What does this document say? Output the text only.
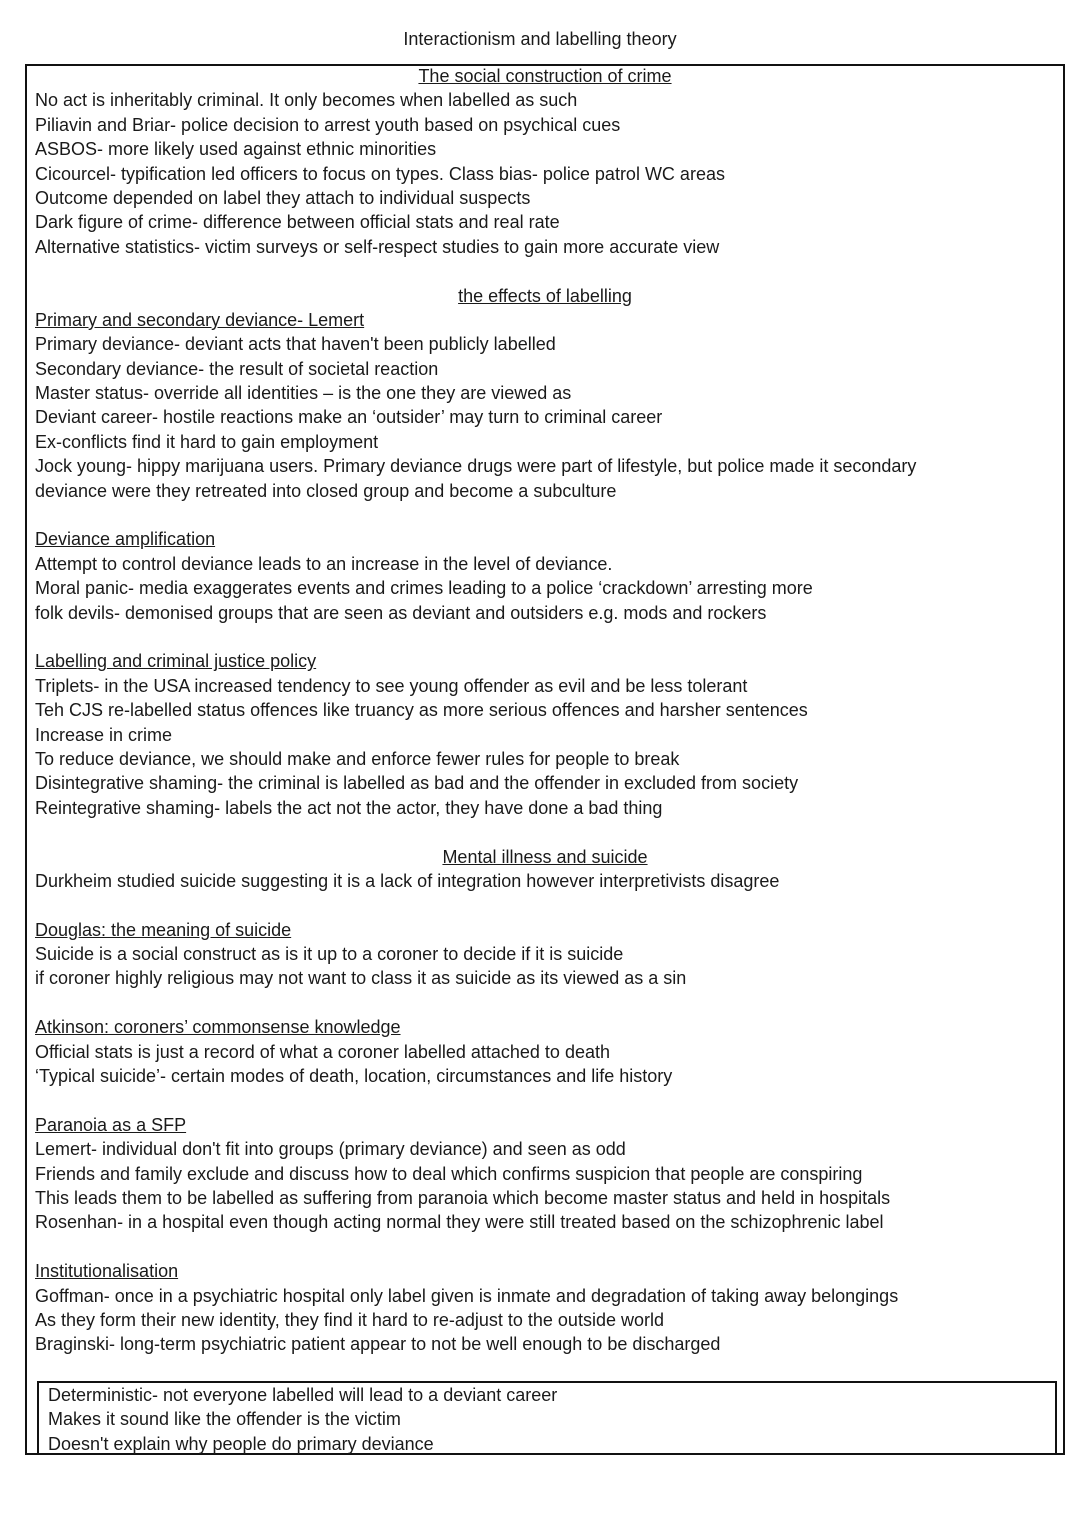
Interactionism and labelling theory
The social construction of crime
No act is inheritably criminal. It only becomes when labelled as such
Piliavin and Briar- police decision to arrest youth based on psychical cues
ASBOS- more likely used against ethnic minorities
Cicourcel- typification led officers to focus on types. Class bias- police patrol WC areas
Outcome depended on label they attach to individual suspects
Dark figure of crime- difference between official stats and real rate
Alternative statistics- victim surveys or self-respect studies to gain more accurate view
the effects of labelling
Primary and secondary deviance- Lemert
Primary deviance- deviant acts that haven't been publicly labelled
Secondary deviance- the result of societal reaction
Master status- override all identities – is the one they are viewed as
Deviant career- hostile reactions make an ‘outsider’ may turn to criminal career
Ex-conflicts find it hard to gain employment
Jock young- hippy marijuana users. Primary deviance drugs were part of lifestyle, but police made it secondary
deviance were they retreated into closed group and become a subculture
Deviance amplification
Attempt to control deviance leads to an increase in the level of deviance.
Moral panic- media exaggerates events and crimes leading to a police ‘crackdown’ arresting more
folk devils- demonised groups that are seen as deviant and outsiders e.g. mods and rockers
Labelling and criminal justice policy
Triplets- in the USA increased tendency to see young offender as evil and be less tolerant
Teh CJS re-labelled status offences like truancy as more serious offences and harsher sentences
Increase in crime
To reduce deviance, we should make and enforce fewer rules for people to break
Disintegrative shaming- the criminal is labelled as bad and the offender in excluded from society
Reintegrative shaming- labels the act not the actor, they have done a bad thing
Mental illness and suicide
Durkheim studied suicide suggesting it is a lack of integration however interpretivists disagree
Douglas: the meaning of suicide
Suicide is a social construct as is it up to a coroner to decide if it is suicide
if coroner highly religious may not want to class it as suicide as its viewed as a sin
Atkinson: coroners’ commonsense knowledge
Official stats is just a record of what a coroner labelled attached to death
‘Typical suicide’- certain modes of death, location, circumstances and life history
Paranoia as a SFP
Lemert- individual don't fit into groups (primary deviance) and seen as odd
Friends and family exclude and discuss how to deal which confirms suspicion that people are conspiring
This leads them to be labelled as suffering from paranoia which become master status and held in hospitals
Rosenhan- in a hospital even though acting normal they were still treated based on the schizophrenic label
Institutionalisation
Goffman- once in a psychiatric hospital only label given is inmate and degradation of taking away belongings
As they form their new identity, they find it hard to re-adjust to the outside world
Braginski- long-term psychiatric patient appear to not be well enough to be discharged
Deterministic- not everyone labelled will lead to a deviant career
Makes it sound like the offender is the victim
Doesn't explain why people do primary deviance
